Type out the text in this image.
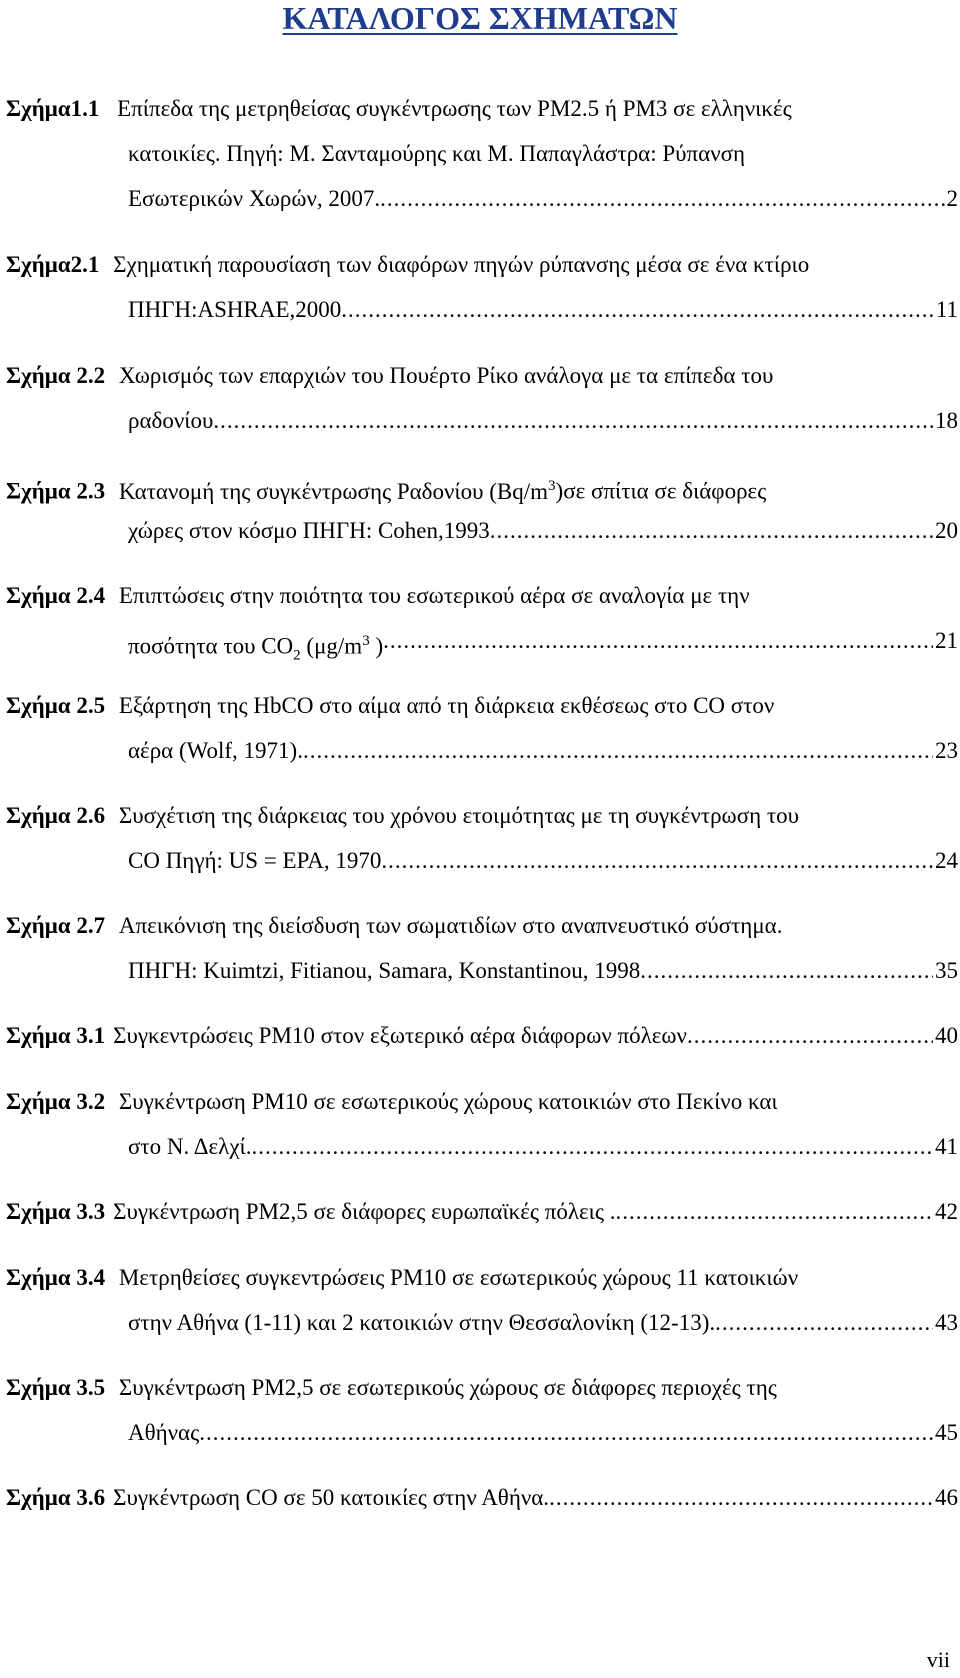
ΚΑΤΑΛΟΓΟΣ ΣΧΗΜΑΤΩΝ
Σχήμα1.1 Επίπεδα της μετρηθείσας συγκέντρωσης των PM2.5 ή PM3 σε ελληνικές
κατοικίες. Πηγή: Μ. Σανταμούρης και Μ. Παπαγλάστρα: Ρύπανση
Εσωτερικών Χωρών, 2007. .....	2
Σχήμα2.1 Σχηματική παρουσίαση των διαφόρων πηγών ρύπανσης μέσα σε ένα κτίριο
ΠΗΓΗ:ASHRAE,2000 .....	11
Σχήμα 2.2 Χωρισμός των επαρχιών του Πουέρτο Ρίκο ανάλογα με τα επίπεδα του
ραδονίου .....	18
Σχήμα 2.3 Κατανομή της συγκέντρωσης Ραδονίου $(Bq/m^3)\sigma\varepsilon$ σπίτια σε διάφορες
χώρες στον κόσμο ΠΗΓΗ: Cohen,1993 .....	20
Σχήμα 2.4 Επιπτώσεις στην ποιότητα του εσωτερικού αέρα σε αναλογία με την
ποσότητα του $CO_2$ ($\mu g/m^3$ ) .....	21
Σχήμα 2.5 Εξάρτηση της HbCO στο αίμα από τη διάρκεια εκθέσεως στο CO στον
αέρα (Wolf, 1971). .....	23
Σχήμα 2.6 Συσχέτιση της διάρκειας του χρόνου ετοιμότητας με τη συγκέντρωση του
CO Πηγή: US = EPA, 1970 .....	24
Σχήμα 2.7 Απεικόνιση της διείσδυση των σωματιδίων στο αναπνευστικό σύστημα.
ΠΗΓΗ: Kuimtzi, Fitianou, Samara, Konstantinou, 1998 .....	35
Σχήμα 3.1 Συγκεντρώσεις PM10 στον εξωτερικό αέρα διάφορων πόλεων .....	40
Σχήμα 3.2 Συγκέντρωση PM10 σε εσωτερικούς χώρους κατοικιών στο Πεκίνο και
στο Ν. Δελχί. .....	41
Σχήμα 3.3 Συγκέντρωση PM2,5 σε διάφορες ευρωπαϊκές πόλεις . .....	42
Σχήμα 3.4 Μετρηθείσες συγκεντρώσεις PM10 σε εσωτερικούς χώρους 11 κατοικιών
στην Αθήνα (1-11) και 2 κατοικιών στην Θεσσαλονίκη (12-13). .....	43
Σχήμα 3.5 Συγκέντρωση PM2,5 σε εσωτερικούς χώρους σε διάφορες περιοχές της
Αθήνας .....	45
Σχήμα 3.6 Συγκέντρωση CO σε 50 κατοικίες στην Αθήνα. .....	46
vii
